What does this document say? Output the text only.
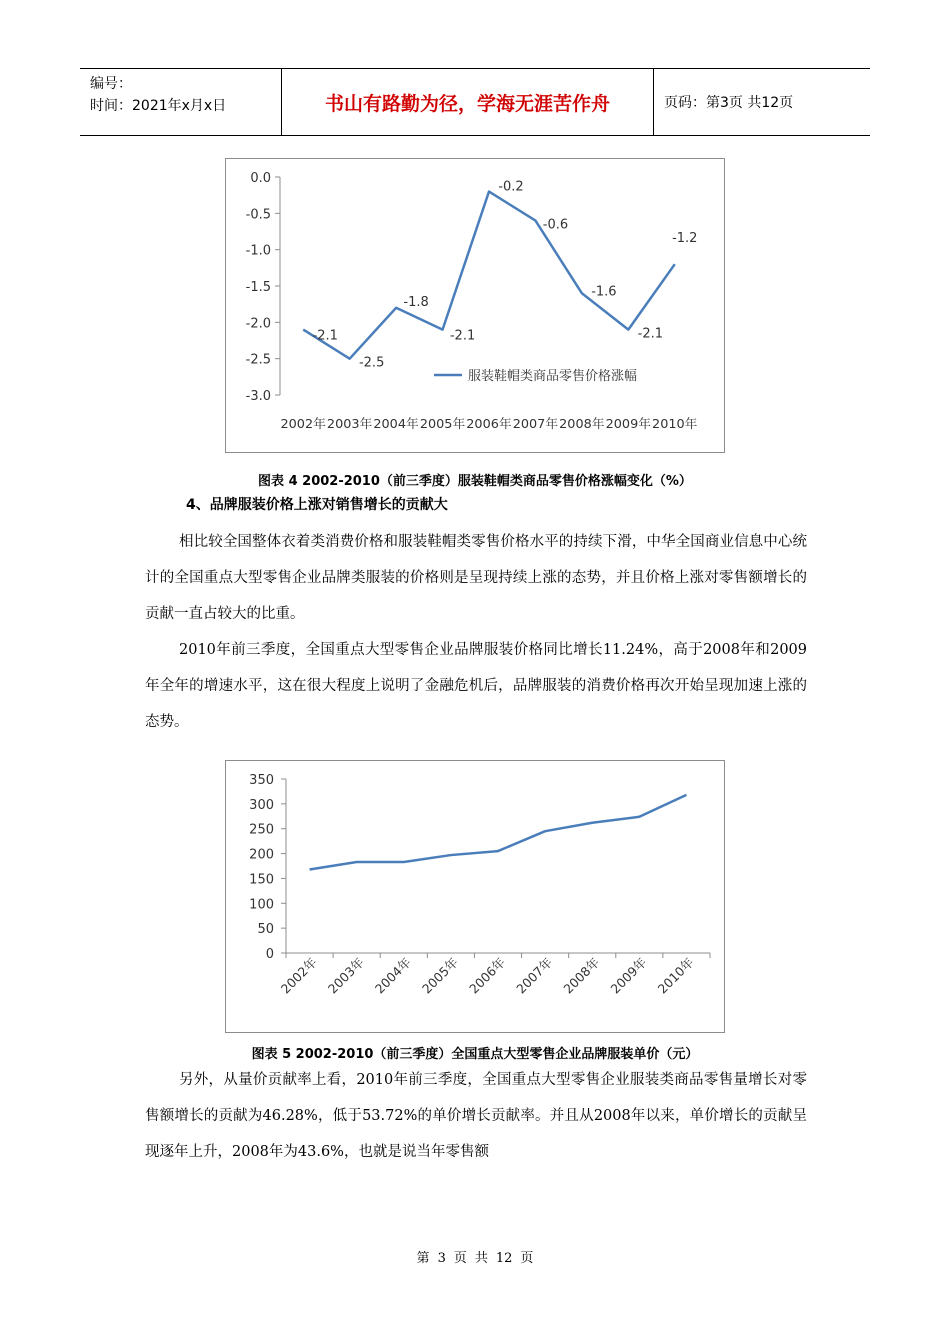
编号：
时间：2021年x月x日	书山有路勤为径，学海无涯苦作舟	页码：第3页 共12页
0.0
-0.5
-1.0
-1.5
-2.0
-2.5
-3.0
2002年 2003年 2004年 2005年 2006年 2007年 2008年 2009年 2010年
-2.1
-2.5
-1.8
-2.1
-0.2
-0.6
-1.6
-2.1
-1.2
服装鞋帽类商品零售价格涨幅
图表 4 2002-2010（前三季度）服装鞋帽类商品零售价格涨幅变化（%）
4、品牌服装价格上涨对销售增长的贡献大
相比较全国整体衣着类消费价格和服装鞋帽类零售价格水平的持续下滑，中华全国商业信息中心统计的全国重点大型零售企业品牌类服装的价格则是呈现持续上涨的态势，并且价格上涨对零售额增长的贡献一直占较大的比重。
2010年前三季度，全国重点大型零售企业品牌服装价格同比增长11.24%，高于2008年和2009年全年的增速水平，这在很大程度上说明了金融危机后，品牌服装的消费价格再次开始呈现加速上涨的态势。
350
300
250
200
150
100
50
0
2002年 2003年 2004年 2005年 2006年 2007年 2008年 2009年 2010年
图表 5 2002-2010（前三季度）全国重点大型零售企业品牌服装单价（元）
另外，从量价贡献率上看，2010年前三季度，全国重点大型零售企业服装类商品零售量增长对零售额增长的贡献为46.28%，低于53.72%的单价增长贡献率。并且从2008年以来，单价增长的贡献呈现逐年上升，2008年为43.6%，也就是说当年零售额
第 3 页 共 12 页
